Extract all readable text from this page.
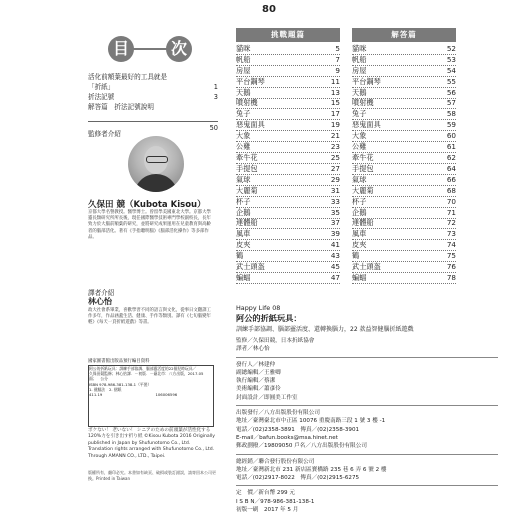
80
目	次
活化前額葉最好的工具就是
「折紙」	1
折法記號	3
解答篇　折法記號說明
50
監修者介紹
久保田 競（Kubota Kisou）
京都大學名譽教授。醫學博士。曾留學美國東北大學。京都大學靈長類研究所所長後，現任國際醫學技術專門學校副校長，長年致力於大腦前額葉的研究，並將研究成果運用在兒童教育與高齡者的腦部活化。著有《手指聰明腦》《腦部活化操作》等多部作品。
譯者介紹
林心怡
政大社會系畢業，喜歡學習不同的語言與文化，從事日文翻譯工作多年，作品涵蓋生活、健康、手作等類別。譯有《七旬腦變年輕》《每天一頁折紙遊戲》等書。
國家圖書館出版品預行編目資料
阿公的折紙玩具：訓練手部協調、腦部靈活度的22個兒時玩具／
久保田競監修；林心怡譯．－初版．－臺北市：八方出版，2017.05
面；　公分
ISBN 978-986-381-138-1（平裝）
1. 健腦法　2. 摺紙
411.19　　　　　　　　　　　　　　106006596
ボケない！ 老いない！ シニアのための前頭葉が活性化する120%力を引き出す折り紙 ©Kisou Kubota 2016 Originally published in Japan by Shufunotomo Co., Ltd. Translation rights arranged with Shufunotomo Co., Ltd. Through AMANN CO., LTD., Taipei.
版權所有，翻印必究。本書如有缺頁、破損或裝訂錯誤，請寄回本公司更換。Printed in Taiwan
挑戰題篇
貓咪	5
帆船	7
房屋	9
平台鋼琴	11
天鵝	13
噴射機	15
兔子	17
惡鬼面具	19
大象	21
公雞	23
牽牛花	25
手提包	27
氣球	29
大麗菊	31
杯子	33
企鵝	35
連體船	37
風車	39
皮夾	41
鶴	43
武士頭盔	45
蝙蝠	47
解答篇
貓咪	52
帆船	53
房屋	54
平台鋼琴	55
天鵝	56
噴射機	57
兔子	58
惡鬼面具	59
大象	60
公雞	61
牽牛花	62
手提包	64
氣球	66
大麗菊	68
杯子	70
企鵝	71
連體船	72
風車	73
皮夾	74
鶴	75
武士頭盔	76
蝙蝠	78
Happy Life 08
阿公的折紙玩具：
訓練手部協調、腦部靈活度、還轉換腦力，22 款益智健腦折紙遊戲
監修／久保田競，日本折紙協會
譯者／林心怡
發行人／林建仲
副總編輯／王雅卿
執行編輯／蔡潔
美術編輯／蕭彥伶
封面設計／即圓美工作室
出版發行／八方出版股份有限公司
地址／臺灣臺北市中正區 10076 重慶南路三段 1 號 3 樓 -1
電話／(02)2358-3891　傳真／(02)2358-3901
E-mail／bafun.books@msa.hinet.net
郵政劃撥／19809050 戶名／八方出版股份有限公司
總經銷／聯合發行股份有限公司
地址／臺灣新北市 231 新店區寶橋路 235 巷 6 弄 6 號 2 樓
電話／(02)2917-8022　傳真／(02)2915-6275
定　價／新台幣 299 元
I S B N／978-986-381-138-1
初版一刷　2017 年 5 月
